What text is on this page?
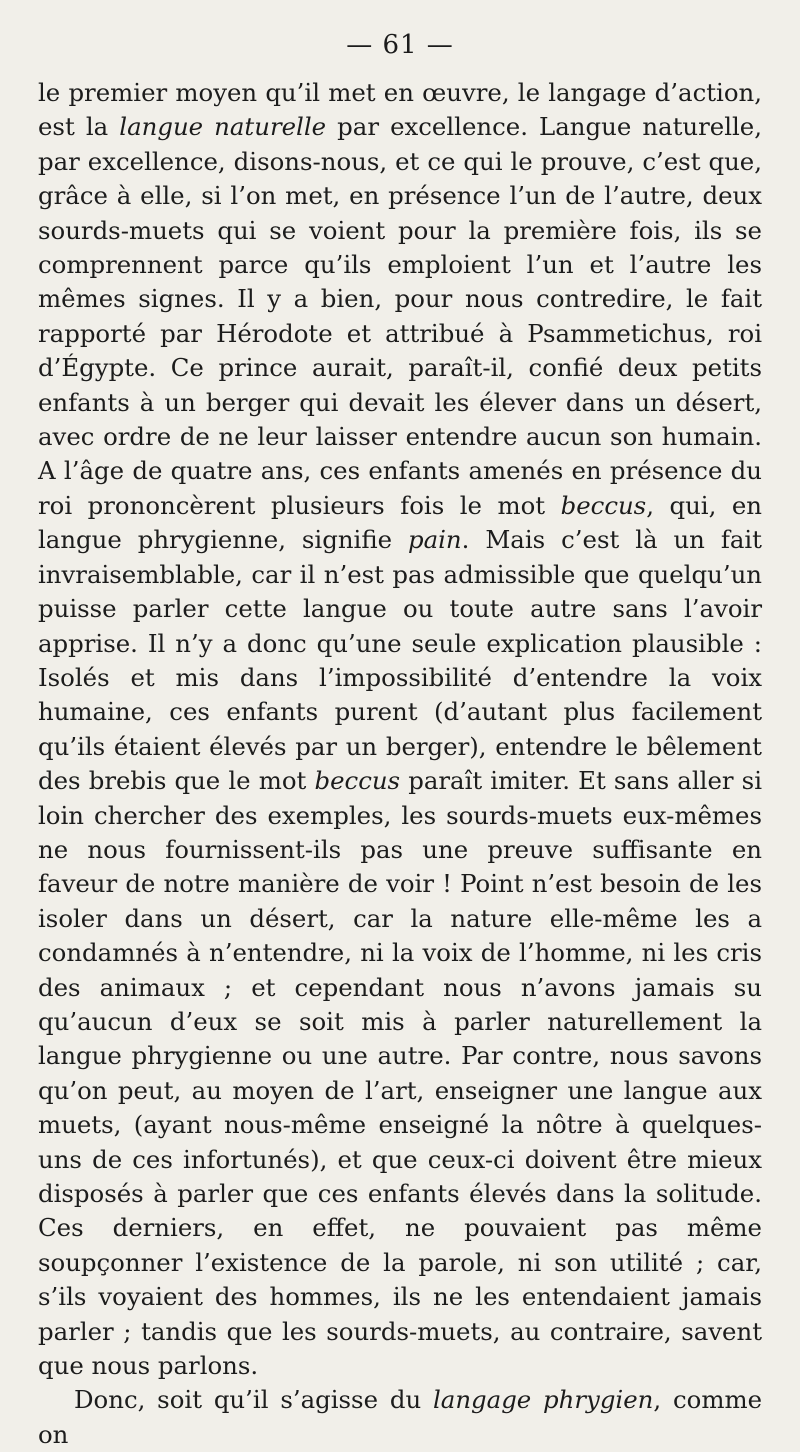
— 61 —

le premier moyen qu’il met en œuvre, le langage d’action, est la langue naturelle par excellence. Langue naturelle, par excellence, disons-nous, et ce qui le prouve, c’est que, grâce à elle, si l’on met, en présence l’un de l’autre, deux sourds-muets qui se voient pour la première fois, ils se comprennent parce qu’ils emploient l’un et l’autre les mêmes signes. Il y a bien, pour nous contredire, le fait rapporté par Hérodote et attribué à Psammetichus, roi d’Égypte. Ce prince aurait, paraît-il, confié deux petits enfants à un berger qui devait les élever dans un désert, avec ordre de ne leur laisser entendre aucun son humain. A l’âge de quatre ans, ces enfants amenés en présence du roi prononcèrent plusieurs fois le mot beccus, qui, en langue phrygienne, signifie pain. Mais c’est là un fait invraisemblable, car il n’est pas admissible que quelqu’un puisse parler cette langue ou toute autre sans l’avoir apprise. Il n’y a donc qu’une seule explication plausible : Isolés et mis dans l’impossibilité d’entendre la voix humaine, ces enfants purent (d’autant plus facilement qu’ils étaient élevés par un berger), entendre le bêlement des brebis que le mot beccus paraît imiter. Et sans aller si loin chercher des exemples, les sourds-muets eux-mêmes ne nous fournissent-ils pas une preuve suffisante en faveur de notre manière de voir ! Point n’est besoin de les isoler dans un désert, car la nature elle-même les a condamnés à n’entendre, ni la voix de l’homme, ni les cris des animaux ; et cependant nous n’avons jamais su qu’aucun d’eux se soit mis à parler naturellement la langue phrygienne ou une autre. Par contre, nous savons qu’on peut, au moyen de l’art, enseigner une langue aux muets, (ayant nous-même enseigné la nôtre à quelques-uns de ces infortunés), et que ceux-ci doivent être mieux disposés à parler que ces enfants élevés dans la solitude. Ces derniers, en effet, ne pouvaient pas même soupçonner l’existence de la parole, ni son utilité ; car, s’ils voyaient des hommes, ils ne les entendaient jamais parler ; tandis que les sourds-muets, au contraire, savent que nous parlons.

Donc, soit qu’il s’agisse du langage phrygien, comme on
